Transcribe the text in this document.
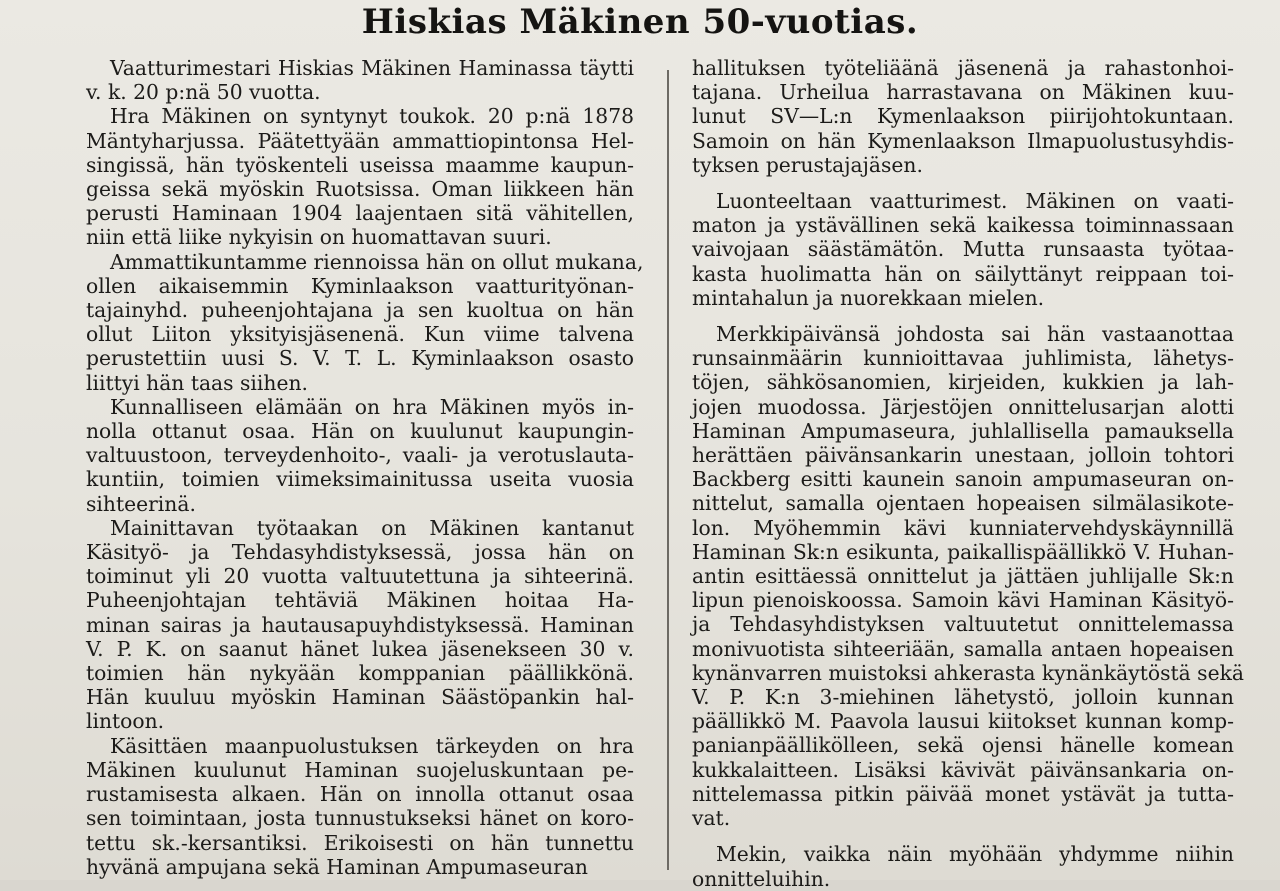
Hiskias Mäkinen 50-vuotias.
Vaatturimestari Hiskias Mäkinen Haminassa täytti
v. k. 20 p:nä 50 vuotta.
Hra Mäkinen on syntynyt toukok. 20 p:nä 1878
Mäntyharjussa. Päätettyään ammattiopintonsa Hel-
singissä, hän työskenteli useissa maamme kaupun-
geissa sekä myöskin Ruotsissa. Oman liikkeen hän
perusti Haminaan 1904 laajentaen sitä vähitellen,
niin että liike nykyisin on huomattavan suuri.
Ammattikuntamme riennoissa hän on ollut mukana,
ollen aikaisemmin Kyminlaakson vaatturityönan-
tajainyhd. puheenjohtajana ja sen kuoltua on hän
ollut Liiton yksityisjäsenenä. Kun viime talvena
perustettiin uusi S. V. T. L. Kyminlaakson osasto
liittyi hän taas siihen.
Kunnalliseen elämään on hra Mäkinen myös in-
nolla ottanut osaa. Hän on kuulunut kaupungin-
valtuustoon, terveydenhoito-, vaali- ja verotuslauta-
kuntiin, toimien viimeksimainitussa useita vuosia
sihteerinä.
Mainittavan työtaakan on Mäkinen kantanut
Käsityö- ja Tehdasyhdistyksessä, jossa hän on
toiminut yli 20 vuotta valtuutettuna ja sihteerinä.
Puheenjohtajan tehtäviä Mäkinen hoitaa Ha-
minan sairas ja hautausapuyhdistyksessä. Haminan
V. P. K. on saanut hänet lukea jäsenekseen 30 v.
toimien hän nykyään komppanian päällikkönä.
Hän kuuluu myöskin Haminan Säästöpankin hal-
lintoon.
Käsittäen maanpuolustuksen tärkeyden on hra
Mäkinen kuulunut Haminan suojeluskuntaan pe-
rustamisesta alkaen. Hän on innolla ottanut osaa
sen toimintaan, josta tunnustukseksi hänet on koro-
tettu sk.-kersantiksi. Erikoisesti on hän tunnettu
hyvänä ampujana sekä Haminan Ampumaseuran
hallituksen työteliäänä jäsenenä ja rahastonhoi-
tajana. Urheilua harrastavana on Mäkinen kuu-
lunut SV—L:n Kymenlaakson piirijohtokuntaan.
Samoin on hän Kymenlaakson Ilmapuolustusyhdis-
tyksen perustajajäsen.
Luonteeltaan vaatturimest. Mäkinen on vaati-
maton ja ystävällinen sekä kaikessa toiminnassaan
vaivojaan säästämätön. Mutta runsaasta työtaa-
kasta huolimatta hän on säilyttänyt reippaan toi-
mintahalun ja nuorekkaan mielen.
Merkkipäivänsä johdosta sai hän vastaanottaa
runsainmäärin kunnioittavaa juhlimista, lähetys-
töjen, sähkösanomien, kirjeiden, kukkien ja lah-
jojen muodossa. Järjestöjen onnittelusarjan alotti
Haminan Ampumaseura, juhlallisella pamauksella
herättäen päivänsankarin unestaan, jolloin tohtori
Backberg esitti kaunein sanoin ampumaseuran on-
nittelut, samalla ojentaen hopeaisen silmälasikote-
lon. Myöhemmin kävi kunniatervehdyskäynnillä
Haminan Sk:n esikunta, paikallispäällikkö V. Huhan-
antin esittäessä onnittelut ja jättäen juhlijalle Sk:n
lipun pienoiskoossa. Samoin kävi Haminan Käsityö-
ja Tehdasyhdistyksen valtuutetut onnittelemassa
monivuotista sihteeriään, samalla antaen hopeaisen
kynänvarren muistoksi ahkerasta kynänkäytöstä sekä
V. P. K:n 3-miehinen lähetystö, jolloin kunnan
päällikkö M. Paavola lausui kiitokset kunnan komp-
panianpäällikölleen, sekä ojensi hänelle komean
kukkalaitteen. Lisäksi kävivät päivänsankaria on-
nittelemassa pitkin päivää monet ystävät ja tutta-
vat.
Mekin, vaikka näin myöhään yhdymme niihin
onnitteluihin.
